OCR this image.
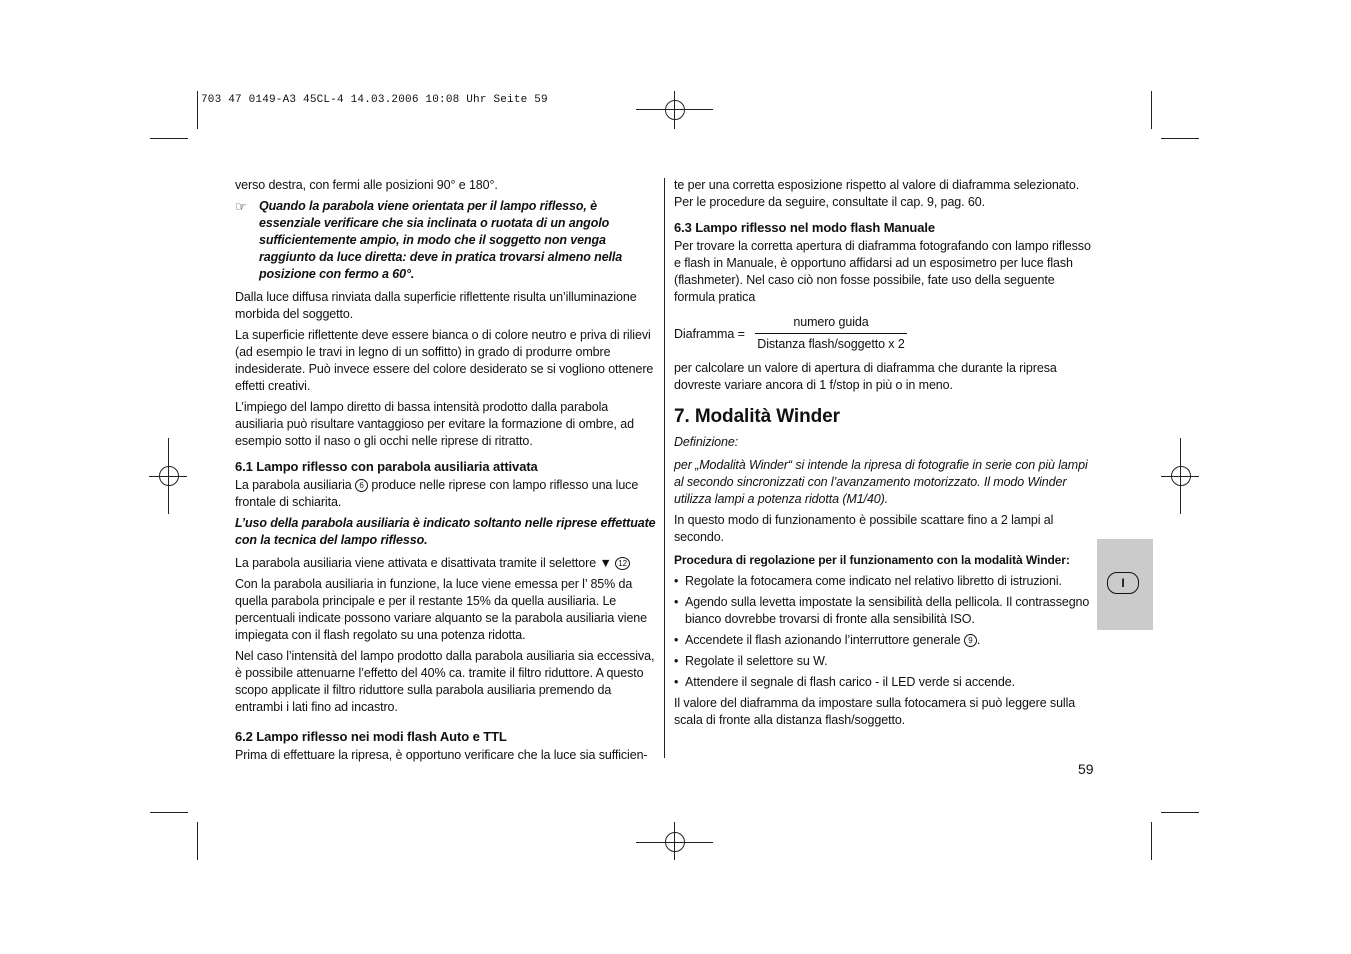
703 47 0149-A3 45CL-4 14.03.2006 10:08 Uhr Seite 59

verso destra, con fermi alle posizioni 90° e 180°.

☞ Quando la parabola viene orientata per il lampo riflesso, è essenziale verificare che sia inclinata o ruotata di un angolo sufficientemente ampio, in modo che il soggetto non venga raggiunto da luce diretta: deve in pratica trovarsi almeno nella posizione con fermo a 60°.

Dalla luce diffusa rinviata dalla superficie riflettente risulta un’illuminazione morbida del soggetto.

La superficie riflettente deve essere bianca o di colore neutro e priva di rilievi (ad esempio le travi in legno di un soffitto) in grado di produrre ombre indesiderate. Può invece essere del colore desiderato se si vogliono ottenere effetti creativi.

L’impiego del lampo diretto di bassa intensità prodotto dalla parabola ausiliaria può risultare vantaggioso per evitare la formazione di ombre, ad esempio sotto il naso o gli occhi nelle riprese di ritratto.

6.1 Lampo riflesso con parabola ausiliaria attivata

La parabola ausiliaria 6 produce nelle riprese con lampo riflesso una luce frontale di schiarita.

L’uso della parabola ausiliaria è indicato soltanto nelle riprese effettuate con la tecnica del lampo riflesso.

La parabola ausiliaria viene attivata e disattivata tramite il selettore ▼ 12

Con la parabola ausiliaria in funzione, la luce viene emessa per l’ 85% da quella parabola principale e per il restante 15% da quella ausiliaria. Le percentuali indicate possono variare alquanto se la parabola ausiliaria viene impiegata con il flash regolato su una potenza ridotta.

Nel caso l’intensità del lampo prodotto dalla parabola ausiliaria sia eccessiva, è possibile attenuarne l’effetto del 40% ca. tramite il filtro riduttore. A questo scopo applicate il filtro riduttore sulla parabola ausiliaria premendo da entrambi i lati fino ad incastro.

6.2 Lampo riflesso nei modi flash Auto e TTL

Prima di effettuare la ripresa, è opportuno verificare che la luce sia sufficien-

te per una corretta esposizione rispetto al valore di diaframma selezionato. Per le procedure da seguire, consultate il cap. 9, pag. 60.

6.3 Lampo riflesso nel modo flash Manuale

Per trovare la corretta apertura di diaframma fotografando con lampo riflesso e flash in Manuale, è opportuno affidarsi ad un esposimetro per luce flash (flashmeter). Nel caso ciò non fosse possibile, fate uso della seguente formula pratica

Diaframma =
numero guida
Distanza flash/soggetto x 2

per calcolare un valore di apertura di diaframma che durante la ripresa dovreste variare ancora di 1 f/stop in più o in meno.

7. Modalità Winder

Definizione:

per „Modalità Winder“ si intende la ripresa di fotografie in serie con più lampi al secondo sincronizzati con l’avanzamento motorizzato. Il modo Winder utilizza lampi a potenza ridotta (M1/40).

In questo modo di funzionamento è possibile scattare fino a 2 lampi al secondo.

Procedura di regolazione per il funzionamento con la modalità Winder:
• Regolate la fotocamera come indicato nel relativo libretto di istruzioni.
• Agendo sulla levetta impostate la sensibilità della pellicola. Il contrassegno bianco dovrebbe trovarsi di fronte alla sensibilità ISO.
• Accendete il flash azionando l’interruttore generale 9 .
• Regolate il selettore su W.
• Attendere il segnale di flash carico - il LED verde si accende.

Il valore del diaframma da impostare sulla fotocamera si può leggere sulla scala di fronte alla distanza flash/soggetto.

I
59
